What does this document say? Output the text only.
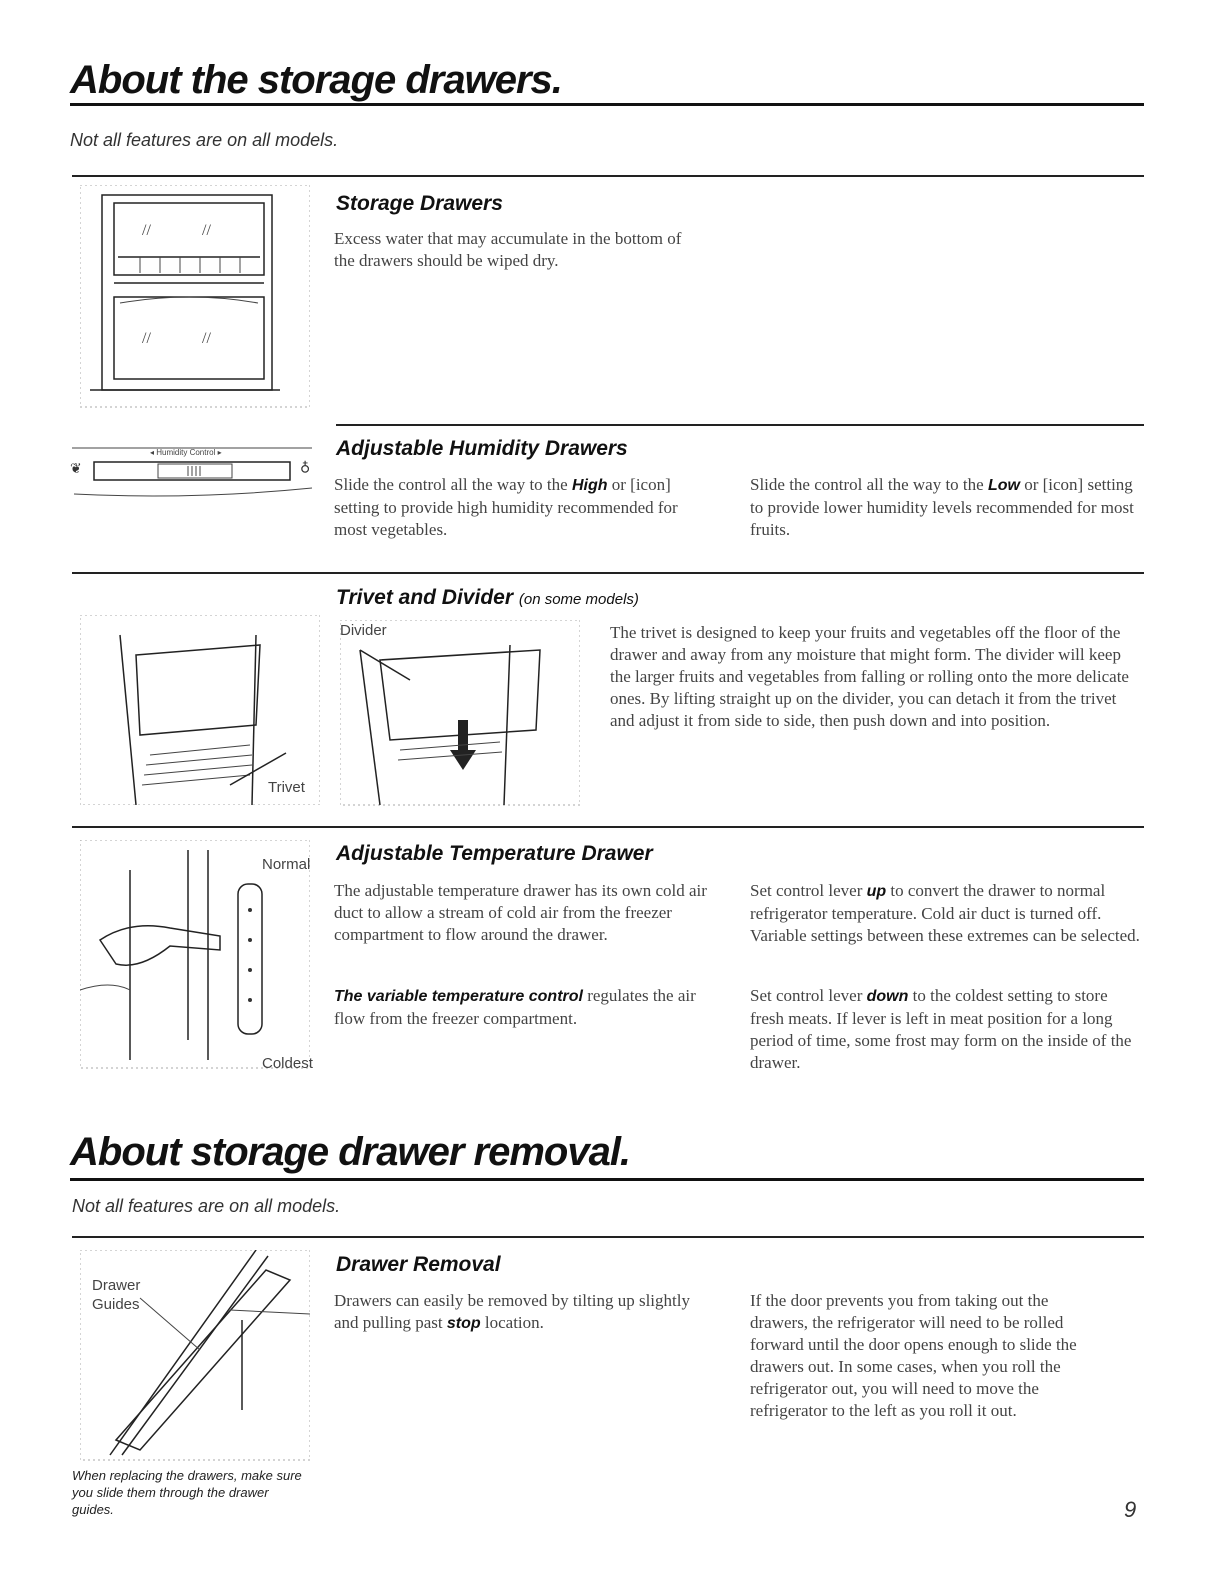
About the storage drawers.
Not all features are on all models.
//	//
//	//
Storage Drawers
Excess water that may accumulate in the bottom of the drawers should be wiped dry.
◂ Humidity Control ▸
❦	♁
Adjustable Humidity Drawers
Slide the control all the way to the High or [icon] setting to provide high humidity recommended for most vegetables.
Slide the control all the way to the Low or [icon] setting to provide lower humidity levels recommended for most fruits.
Trivet and Divider (on some models)
Trivet
Divider	The trivet is designed to keep your fruits and vegetables off the floor of the drawer and away from any moisture that might form. The divider will keep the larger fruits and vegetables from falling or rolling onto the more delicate ones. By lifting straight up on the divider, you can detach it from the trivet and adjust it from side to side, then push down and into position.
Adjustable Temperature Drawer
Normal
Coldest
The adjustable temperature drawer has its own cold air duct to allow a stream of cold air from the freezer compartment to flow around the drawer.
The variable temperature control regulates the air flow from the freezer compartment.
Set control lever up to convert the drawer to normal refrigerator temperature. Cold air duct is turned off. Variable settings between these extremes can be selected.
Set control lever down to the coldest setting to store fresh meats. If lever is left in meat position for a long period of time, some frost may form on the inside of the drawer.
About storage drawer removal.
Not all features are on all models.
Drawer Removal
Drawer
Guides	Drawers can easily be removed by tilting up slightly and pulling past stop location.
If the door prevents you from taking out the drawers, the refrigerator will need to be rolled forward until the door opens enough to slide the drawers out. In some cases, when you roll the refrigerator out, you will need to move the refrigerator to the left as you roll it out.
When replacing the drawers, make sure you slide them through the drawer guides.	9
